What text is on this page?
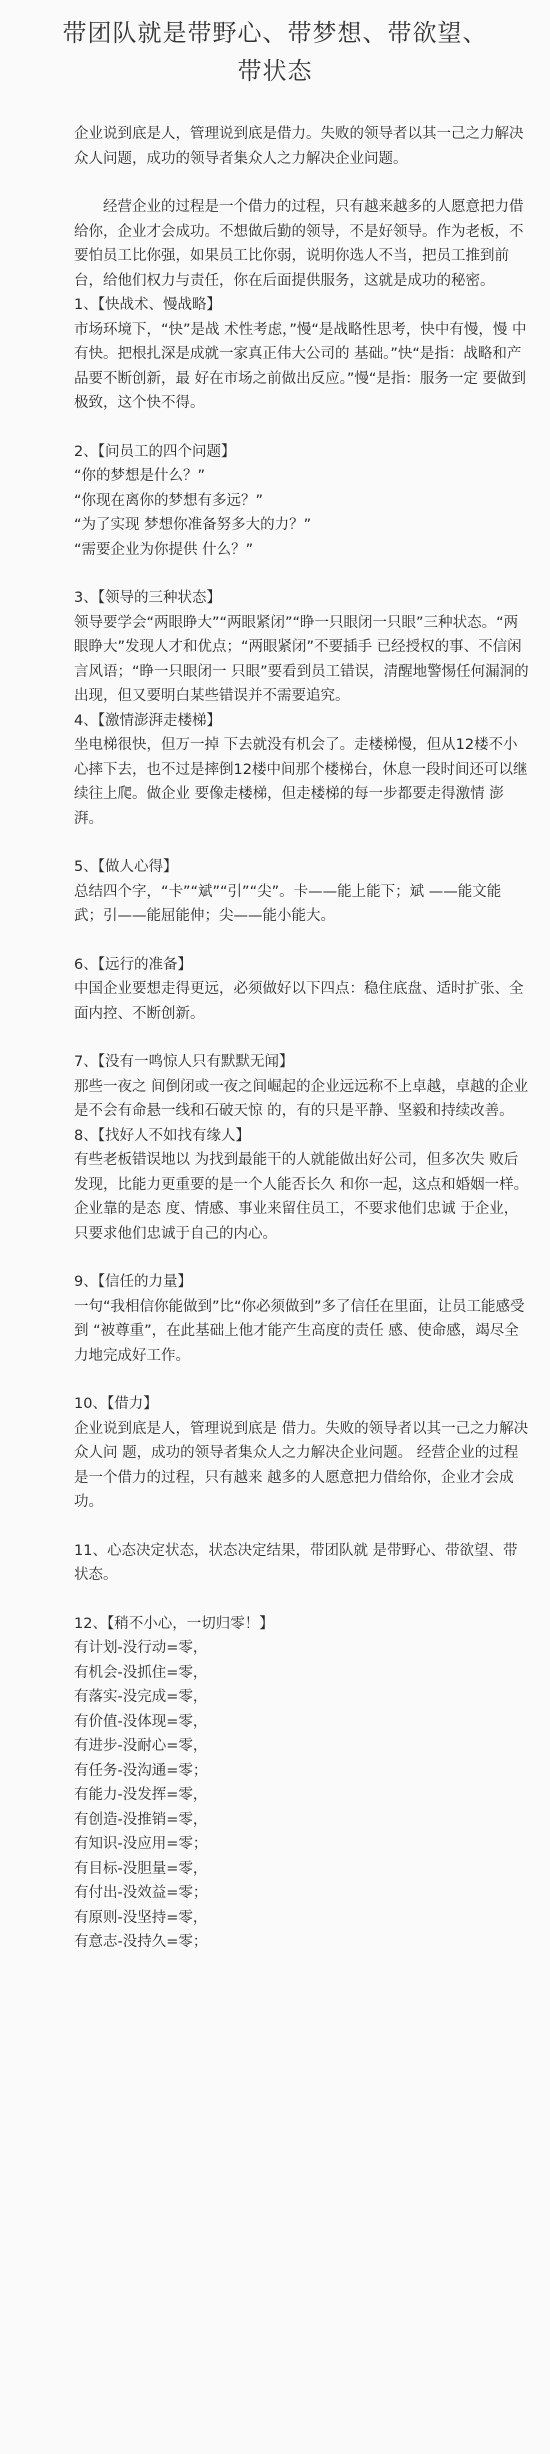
带团队就是带野心、带梦想、带欲望、
带状态

企业说到底是人，管理说到底是借力。失败的领导者以其一己之力解决众人问题，成功的领导者集众人之力解决企业问题。

经营企业的过程是一个借力的过程，只有越来越多的人愿意把力借给你，企业才会成功。不想做后勤的领导，不是好领导。作为老板，不要怕员工比你强，如果员工比你弱，说明你选人不当，把员工推到前台，给他们权力与责任，你在后面提供服务，这就是成功的秘密。

1、【快战术、慢战略】

市场环境下，“快”是战 术性考虑，”慢“是战略性思考，快中有慢，慢 中有快。把根扎深是成就一家真正伟大公司的 基础。”快“是指：战略和产品要不断创新，最 好在市场之前做出反应。”慢“是指：服务一定 要做到极致，这个快不得。

2、【问员工的四个问题】
“你的梦想是什么？”
“你现在离你的梦想有多远？”
“为了实现 梦想你准备努多大的力？”
“需要企业为你提供 什么？”
3、【领导的三种状态】

领导要学会“两眼睁大”“两眼紧闭”“睁一只眼闭一只眼”三种状态。“两 眼睁大”发现人才和优点；“两眼紧闭”不要插手 已经授权的事、不信闲言风语；“睁一只眼闭一 只眼”要看到员工错误，清醒地警惕任何漏洞的 出现，但又要明白某些错误并不需要追究。

4、【激情澎湃走楼梯】

坐电梯很快，但万一掉 下去就没有机会了。走楼梯慢，但从12楼不小 心摔下去，也不过是摔倒12楼中间那个楼梯台，休息一段时间还可以继续往上爬。做企业 要像走楼梯，但走楼梯的每一步都要走得激情 澎湃。

5、【做人心得】

总结四个字，“卡”“斌”“引”“尖”。卡——能上能下；斌 ——能文能武；引——能屈能伸；尖——能小能大。

6、【远行的准备】

中国企业要想走得更远，必须做好以下四点：稳住底盘、适时扩张、全面内控、不断创新。

7、【没有一鸣惊人只有默默无闻】

那些一夜之 间倒闭或一夜之间崛起的企业远远称不上卓越，卓越的企业是不会有命悬一线和石破天惊 的，有的只是平静、坚毅和持续改善。

8、【找好人不如找有缘人】

有些老板错误地以 为找到最能干的人就能做出好公司，但多次失 败后发现，比能力更重要的是一个人能否长久 和你一起，这点和婚姻一样。企业靠的是态 度、情感、事业来留住员工，不要求他们忠诚 于企业，只要求他们忠诚于自己的内心。

9、【信任的力量】

一句“我相信你能做到”比“你必须做到”多了信任在里面，让员工能感受到 “被尊重”，在此基础上他才能产生高度的责任 感、使命感，竭尽全力地完成好工作。

10、【借力】

企业说到底是人，管理说到底是 借力。失败的领导者以其一己之力解决众人问 题，成功的领导者集众人之力解决企业问题。 经营企业的过程是一个借力的过程，只有越来 越多的人愿意把力借给你，企业才会成功。

11、心态决定状态，状态决定结果，带团队就 是带野心、带欲望、带状态。

12、【稍不小心，一切归零！】
有计划-没行动=零，
有机会-没抓住=零，
有落实-没完成=零，
有价值-没体现=零，
有进步-没耐心=零，
有任务-没沟通=零；
有能力-没发挥=零，
有创造-没推销=零，
有知识-没应用=零；
有目标-没胆量=零，
有付出-没效益=零；
有原则-没坚持=零，
有意志-没持久=零；
